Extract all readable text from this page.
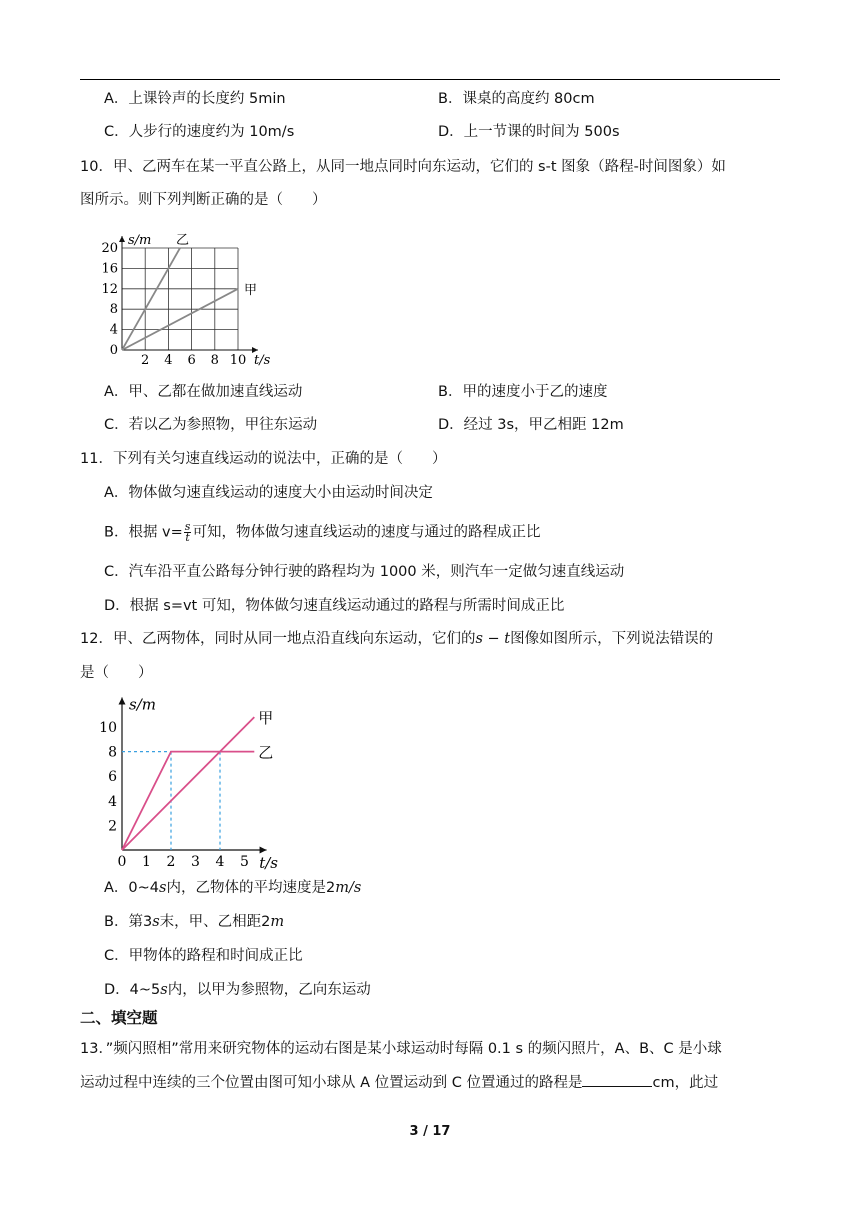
A．上课铃声的长度约 5min	B．课桌的高度约 80cm
C．人步行的速度约为 10m/s	D．上一节课的时间为 500s
10．甲、乙两车在某一平直公路上，从同一地点同时向东运动，它们的 s-t 图象（路程-时间图象）如
图所示。则下列判断正确的是（　　）
0
4
8
12
16
20
2 4 6 8 10
s/m
t/s
乙
甲
A．甲、乙都在做加速直线运动	B．甲的速度小于乙的速度
C．若以乙为参照物，甲往东运动	D．经过 3s，甲乙相距 12m
11．下列有关匀速直线运动的说法中，正确的是（　　）
A．物体做匀速直线运动的速度大小由运动时间决定
B．根据 $v= \frac{s}{t}$ 可知，物体做匀速直线运动的速度与通过的路程成正比
C．汽车沿平直公路每分钟行驶的路程均为 1000 米，则汽车一定做匀速直线运动
D．根据 s=vt 可知，物体做匀速直线运动通过的路程与所需时间成正比
12．甲、乙两物体，同时从同一地点沿直线向东运动，它们的s − t图像如图所示，下列说法错误的
是（　　）
甲
乙
2
4
6
8
10
0 1 2 3 4 5
s/m
t/s
A．0~4s内，乙物体的平均速度是2m/s
B．第3s末，甲、乙相距2m
C．甲物体的路程和时间成正比
D．4~5s内，以甲为参照物，乙向东运动
二、填空题
13．”频闪照相”常用来研究物体的运动右图是某小球运动时每隔 0.1 s 的频闪照片，A、B、C 是小球
运动过程中连续的三个位置由图可知小球从 A 位置运动到 C 位置通过的路程是	cm，此过
3 / 17
